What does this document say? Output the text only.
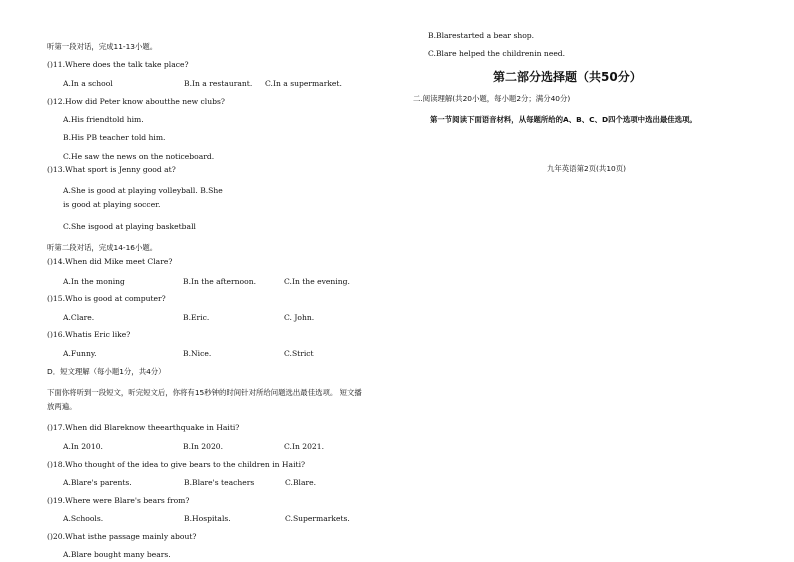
听第一段对话，完成11-13小题。
()11.Where does the talk take place?
A.In a school	B.In a restaurant. C.In a supermarket.
()12.How did Peter know aboutthe new clubs?
A.His friendtold him.
B.His PB teacher told him.
C.He saw the news on the noticeboard.
()13.What sport is Jenny good at?
A.She is good at playing volleyball. B.She
is good at playing soccer.
C.She isgood at playing basketball
听第二段对话，完成14-16小题。
()14.When did Mike meet Clare?
A.In the moning	B.In the afternoon.	C.In the evening.
()15.Who is good at computer?
A.Clare.	B.Eric.	C. John.
()16.Whatis Eric like?
A.Funny.	B.Nice.	C.Strict
D．短文理解（每小题1分，共4分）
下面你将听到一段短文，听完短文后，你将有15秒钟的时间针对所给问题选出最佳选项。 短文播
放两遍。
()17.When did Blareknow theearthquake in Haiti?
A.In 2010.	B.In 2020.	C.In 2021.
()18.Who thought of the idea to give bears to the children in Haiti?
A.Blare's parents.	B.Blare's teachers	C.Blare.
()19.Where were Blare's bears from?
A.Schools.	B.Hospitals.	C.Supermarkets.
()20.What isthe passage mainly about?
A.Blare bought many bears.
B.Blarestarted a bear shop.
C.Blare helped the childrenin need.
第二部分选择题（共50分）
二.阅读理解(共20小题，每小题2分；满分40分)
第一节阅读下面语音材料，从每题所给的A、B、C、D四个选项中选出最佳选项。
九年英语第2页(共10页)
